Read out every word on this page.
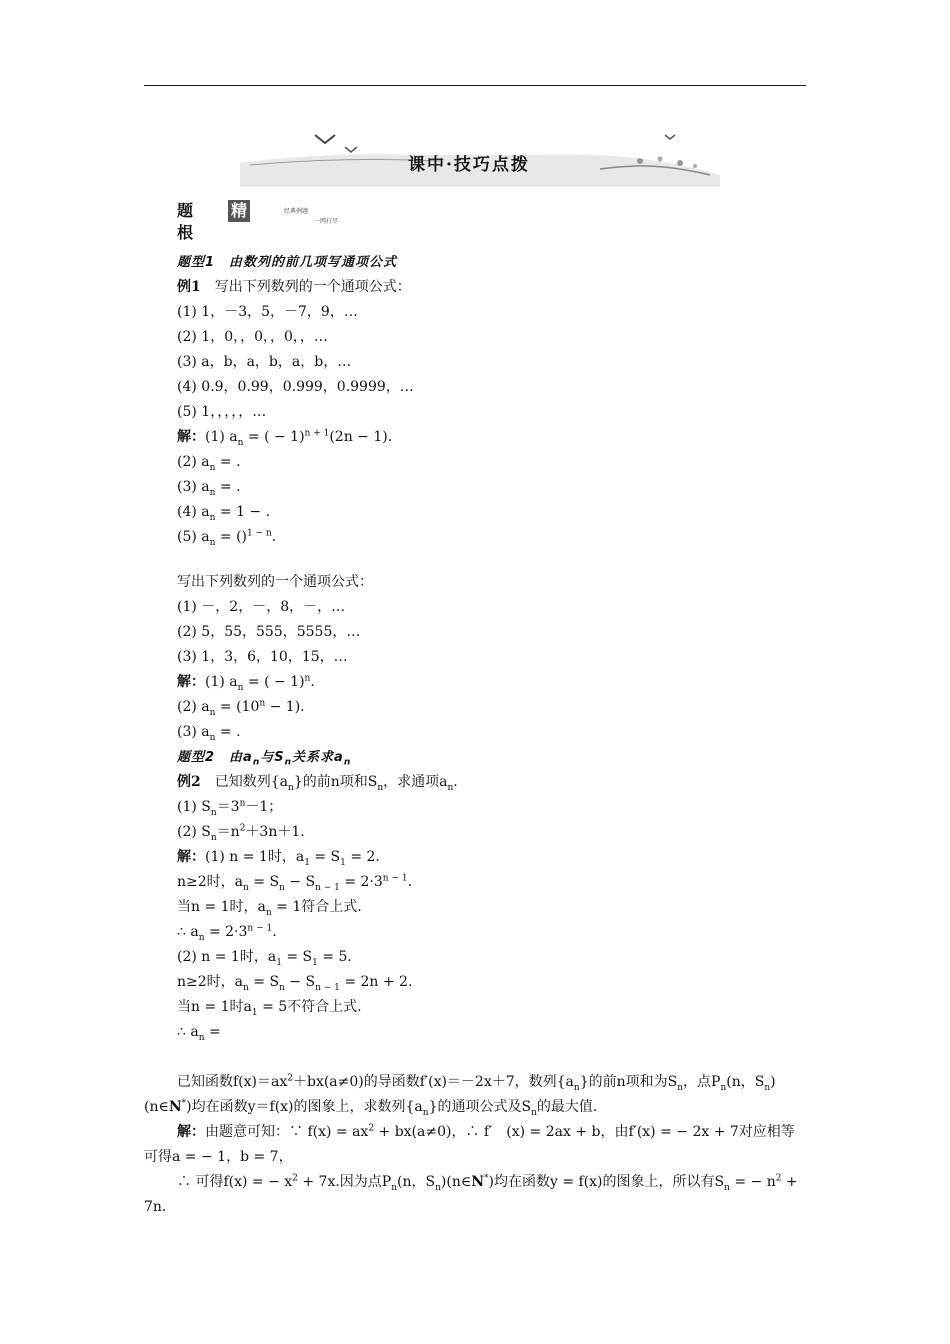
课中·技巧点拨
题根
精选
经典例题
一网打尽
题型1　由数列的前几项写通项公式
例1　写出下列数列的一个通项公式：
(1) 1，－3，5，－7，9，…
(2) 1，0，，0，，0，，…
(3) a，b，a，b，a，b，…
(4) 0.9，0.99，0.999，0.9999，…
(5) 1，，，，，…
解：(1) $a_n$ = ( − 1)$^{n + 1}$(2n − 1).
(2) $a_n$ = .
(3) $a_n$ = .
(4) $a_n = 1$ − .
(5) $a_n = ()^{1 - n}$.
写出下列数列的一个通项公式：
(1) －，2，－，8，－，…
(2) 5，55，555，5555，…
(3) 1，3，6，10，15，…
解：(1) $a_n$ = ( − 1)$^n$.
(2) $a_n = (10^n - 1)$.
(3) $a_n$ = .
题型2　由$a_n$与$S_n$关系求$a_n$
例2　已知数列$\{a_n\}$的前n项和$S_n$，求通项$a_n$.
(1) $S_n=3^n-1$；
(2) $S_n=n^2+3n+1$.
解：(1) n = 1时，$a_1 = S_1 = 2$.
n≥2时，$a_n = S_n - S_{n - 1} = 2\cdot 3^{n - 1}$.
当n = 1时，$a_n = 1$符合上式.
∴ $a_n = 2\cdot 3^{n - 1}$.
(2) n = 1时，$a_1 = S_1 = 5$.
n≥2时，$a_n = S_n - S_{n - 1} = 2n + 2$.
当n = 1时$a_1 = 5$不符合上式.
∴ $a_n$ =
已知函数$f(x)=ax^2+bx(a\ne 0)$的导函数f′(x)＝－2x＋7，数列$\{a_n\}$的前n项和为$S_n$，点$P_n(n$，$S_n)(n\in N^*)$均在函数y＝f(x)的图象上，求数列$\{a_n\}$的通项公式及$S_n$的最大值.
解：由题意可知：∵ $f(x) = ax^2 + bx(a\ne 0)$，∴ f′　(x) = 2ax + b，由f′(x) = − 2x + 7对应相等可得a = − 1，b = 7，
∴ 可得f(x) = − $x^2 + 7x$.因为点$P_n(n$，$S_n)(n\in N^*)$均在函数y = f(x)的图象上，所以有$S_n$ = − $n^2 + 7n$.
